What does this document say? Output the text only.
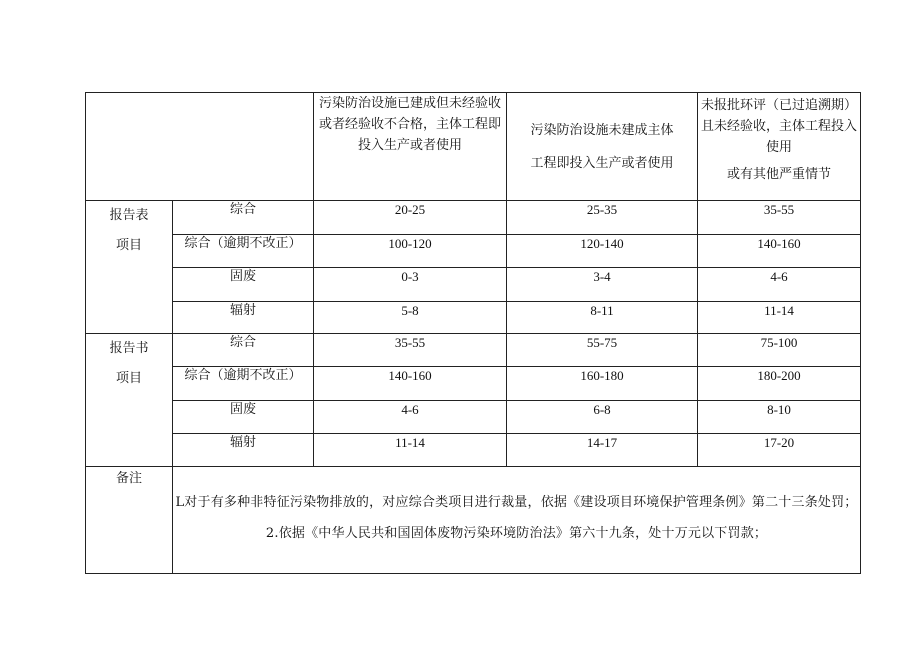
		污染防治设施已建成但未经验收
或者经验收不合格，主体工程即
投入生产或者使用	污染防治设施未建成主体
工程即投入生产或者使用	未报批环评（已过追溯期）
且未经验收，主体工程投入
使用
或有其他严重情节

报告表
项目	综合	20-25	25-35	35-55
	综合（逾期不改正）	100-120	120-140	140-160
	固废	0-3	3-4	4-6
	辐射	5-8	8-11	11-14

报告书
项目	综合	35-55	55-75	75-100
	综合（逾期不改正）	140-160	160-180	180-200
	固废	4-6	6-8	8-10
	辐射	11-14	14-17	17-20
备注	L对于有多种非特征污染物排放的，对应综合类项目进行裁量，依据《建设项目环境保护管理条例》第二十三条处罚；
2.依据《中华人民共和国固体废物污染环境防治法》第六十九条，处十万元以下罚款；			
